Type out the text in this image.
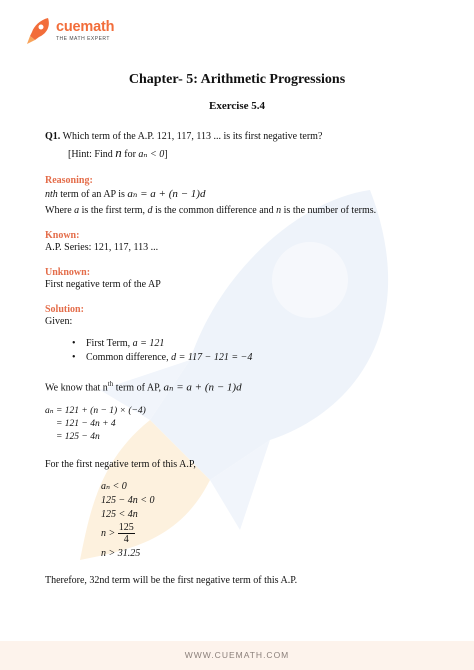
cuemath
THE MATH EXPERT
Chapter- 5: Arithmetic Progressions
Exercise 5.4
Q1. Which term of the A.P. 121, 117, 113 ... is its first negative term?
[Hint: Find n for aₙ < 0]
Reasoning:
nth term of an AP is aₙ = a + (n − 1)d
Where a is the first term, d is the common difference and n is the number of terms.
Known:
A.P. Series: 121, 117, 113 ...
Unknown:
First negative term of the AP
Solution:
Given:
• First Term, a = 121
• Common difference, d = 117 − 121 = −4
We know that $n^{th}$ term of AP, aₙ = a + (n − 1)d
aₙ = 121 + (n − 1) × (−4)
= 121 − 4n + 4
= 125 − 4n
For the first negative term of this A.P,
aₙ < 0
125 − 4n < 0
125 < 4n
$n > \frac{125}{4}$
n > 31.25
Therefore, 32nd term will be the first negative term of this A.P.
WWW.CUEMATH.COM
